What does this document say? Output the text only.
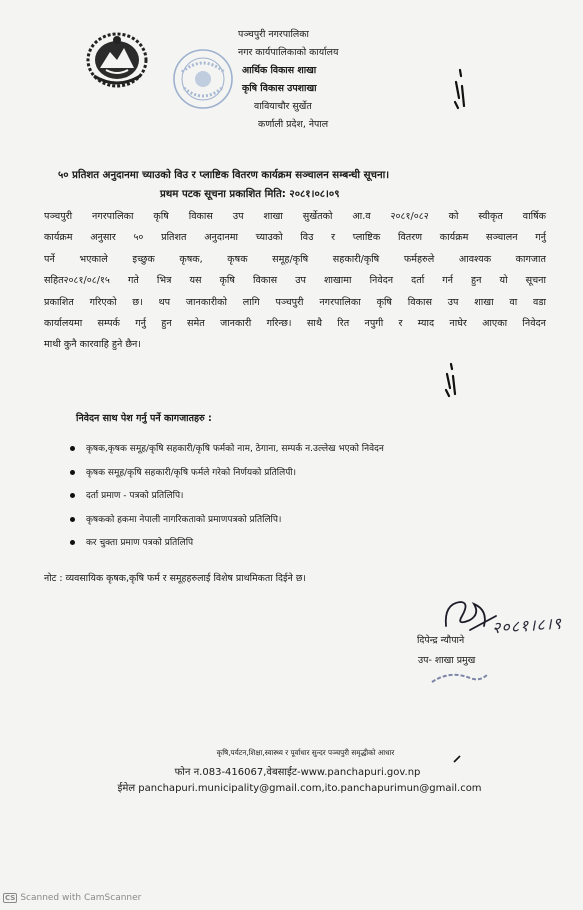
पञ्चपुरी नगरपालिका
नगर कार्यपालिकाको कार्यालय
आर्थिक विकास शाखा
कृषि विकास उपशाखा
वावियाचौर सुर्खेत
कर्णाली प्रदेश, नेपाल
५० प्रतिशत अनुदानमा च्याउको विउ र प्लाष्टिक वितरण कार्यक्रम सञ्चालन सम्बन्धी सूचना।
प्रथम पटक सूचना प्रकाशित मिति: २०८१।०८।०९
पञ्चपुरी नगरपालिका कृषि विकास उप शाखा सुर्खेतको आ.व २०८१/०८२ को स्वीकृत वार्षिक
कार्यक्रम अनुसार ५० प्रतिशत अनुदानमा च्याउको विउ र प्लाष्टिक वितरण कार्यक्रम सञ्चालन गर्नु
पर्ने भएकाले इच्छुक कृषक, कृषक समूह/कृषि सहकारी/कृषि फर्महरुले आवश्यक कागजात
सहित२०८१/०८/१५ गते भित्र यस कृषि विकास उप शाखामा निवेदन दर्ता गर्न हुन यो सूचना
प्रकाशित गरिएको छ। थप जानकारीको लागि पञ्चपुरी नगरपालिका कृषि विकास उप शाखा वा वडा
कार्यालयमा सम्पर्क गर्नु हुन समेत जानकारी गरिन्छ। साथै रित नपुगी र म्याद नाघेर आएका निवेदन
माथी कुनै कारवाहि हुने छैन।
निवेदन साथ पेश गर्नु पर्ने कागजातहरु :
कृषक,कृषक समूह/कृषि सहकारी/कृषि फर्मको नाम, ठेगाना, सम्पर्क न.उल्लेख भएको निवेदन
कृषक समूह/कृषि सहकारी/कृषि फर्मले गरेको निर्णयको प्रतिलिपी।
दर्ता प्रमाण - पत्रको प्रतिलिपि।
कृषकको हकमा नेपाली नागरिकताको प्रमाणपत्रको प्रतिलिपि।
कर चुक्ता प्रमाण पत्रको प्रतिलिपि
नोट : व्यवसायिक कृषक,कृषि फर्म र समूहहरुलाई विशेष प्राथमिकता दिईने छ।
२०८१।८।९
दिपेन्द्र न्यौपाने
उप- शाखा प्रमुख
कृषि,पर्यटन,शिक्षा,स्वास्थ्य र पूर्वाधार सुन्दर पञ्चपुरी समृद्धीको आधार
फोन न.083-416067,वेबसाईट-www.panchapuri.gov.np
ईमेल panchapuri.municipality@gmail.com,ito.panchapurimun@gmail.com
CS Scanned with CamScanner
